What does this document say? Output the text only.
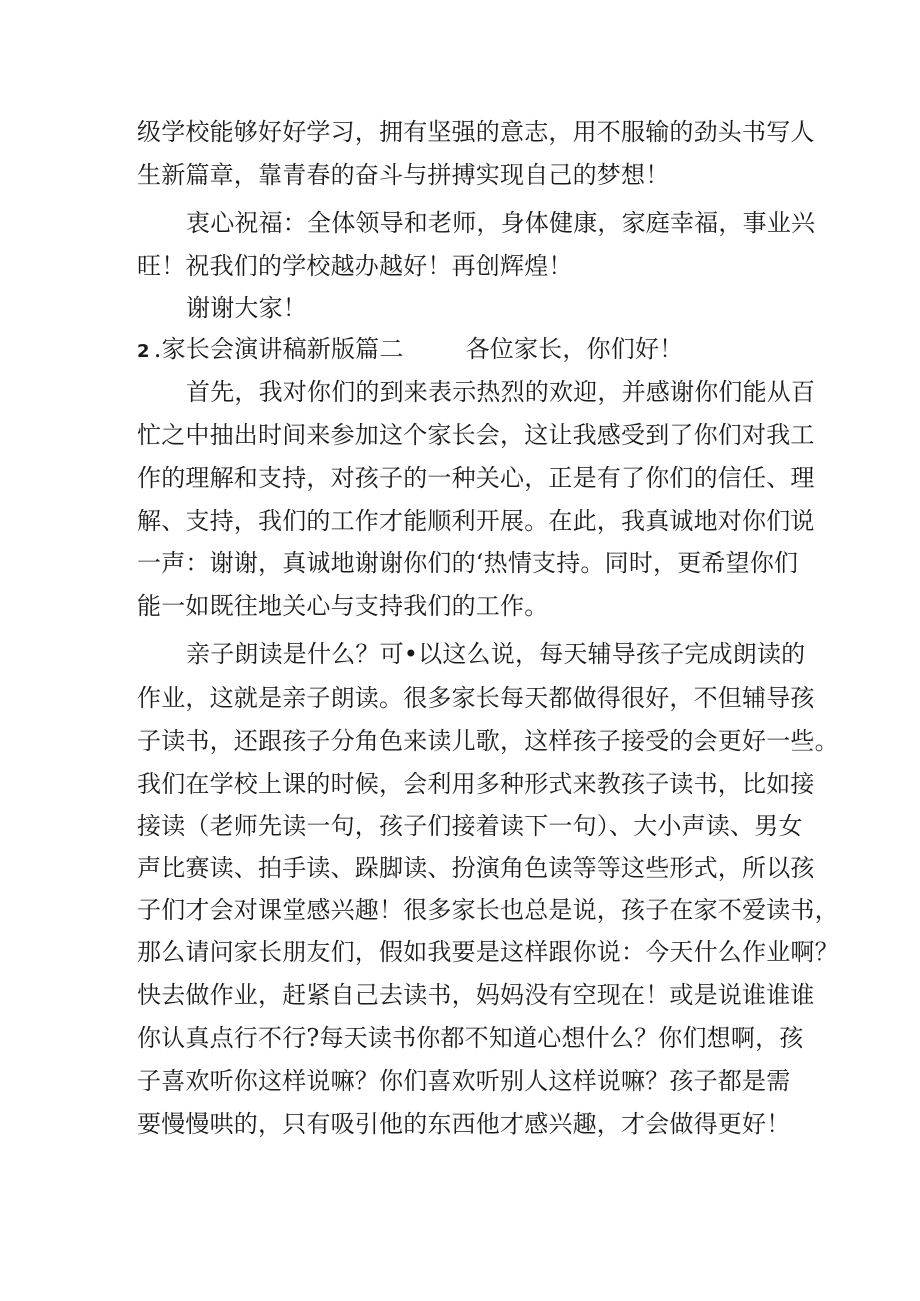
级学校能够好好学习，拥有坚强的意志，用不服输的劲头书写人
生新篇章，靠青春的奋斗与拼搏实现自己的梦想！
衷心祝福：全体领导和老师，身体健康，家庭幸福，事业兴
旺！祝我们的学校越办越好！再创辉煌！
谢谢大家！
2 .家长会演讲稿新版篇二	各位家长，你们好！
首先，我对你们的到来表示热烈的欢迎，并感谢你们能从百
忙之中抽出时间来参加这个家长会，这让我感受到了你们对我工
作的理解和支持，对孩子的一种关心，正是有了你们的信任、理
解、支持，我们的工作才能顺利开展。在此，我真诚地对你们说
一声：谢谢，真诚地谢谢你们的‘热情支持。同时，更希望你们
能一如既往地关心与支持我们的工作。
亲子朗读是什么？可•以这么说，每天辅导孩子完成朗读的
作业，这就是亲子朗读。很多家长每天都做得很好，不但辅导孩
子读书，还跟孩子分角色来读儿歌，这样孩子接受的会更好一些。
我们在学校上课的时候，会利用多种形式来教孩子读书，比如接
接读（老师先读一句，孩子们接着读下一句）、大小声读、男女
声比赛读、拍手读、跺脚读、扮演角色读等等这些形式，所以孩
子们才会对课堂感兴趣！很多家长也总是说，孩子在家不爱读书，
那么请问家长朋友们，假如我要是这样跟你说：今天什么作业啊？
快去做作业，赶紧自己去读书，妈妈没有空现在！或是说谁谁谁
你认真点行不行?每天读书你都不知道心想什么？你们想啊，孩
子喜欢听你这样说嘛？你们喜欢听别人这样说嘛？孩子都是需
要慢慢哄的，只有吸引他的东西他才感兴趣，才会做得更好！
